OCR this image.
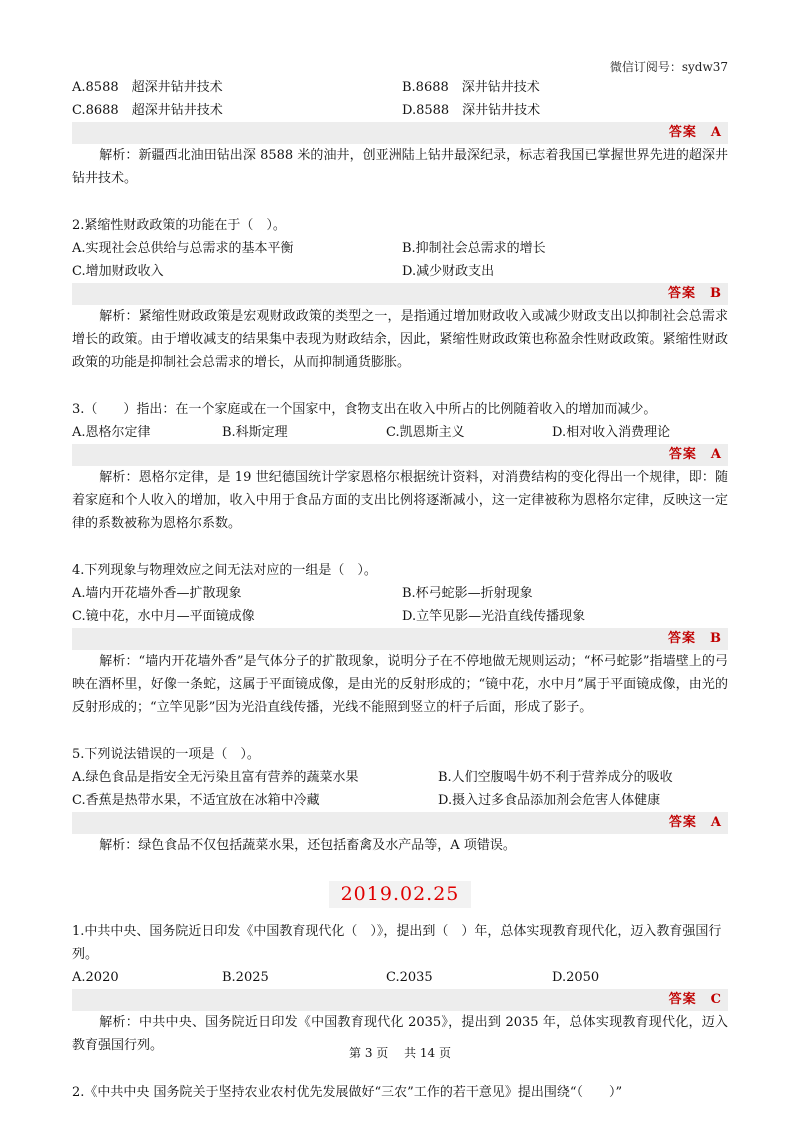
微信订阅号：sydw37
A.8588　超深井钻井技术	B.8688　深井钻井技术
C.8688　超深井钻井技术	D.8588　深井钻井技术
答案 A
解析：新疆西北油田钻出深 8588 米的油井，创亚洲陆上钻井最深纪录，标志着我国已掌握世界先进的超深井钻井技术。
2.紧缩性财政政策的功能在于（　）。
A.实现社会总供给与总需求的基本平衡	B.抑制社会总需求的增长
C.增加财政收入	D.减少财政支出
答案 B
解析：紧缩性财政政策是宏观财政政策的类型之一，是指通过增加财政收入或减少财政支出以抑制社会总需求增长的政策。由于增收减支的结果集中表现为财政结余，因此，紧缩性财政政策也称盈余性财政政策。紧缩性财政政策的功能是抑制社会总需求的增长，从而抑制通货膨胀。
3.（　　）指出：在一个家庭或在一个国家中，食物支出在收入中所占的比例随着收入的增加而减少。
A.恩格尔定律	B.科斯定理	C.凯恩斯主义	D.相对收入消费理论
答案 A
解析：恩格尔定律，是 19 世纪德国统计学家恩格尔根据统计资料，对消费结构的变化得出一个规律，即：随着家庭和个人收入的增加，收入中用于食品方面的支出比例将逐渐减小，这一定律被称为恩格尔定律，反映这一定律的系数被称为恩格尔系数。
4.下列现象与物理效应之间无法对应的一组是（　）。
A.墙内开花墙外香—扩散现象	B.杯弓蛇影—折射现象
C.镜中花，水中月—平面镜成像	D.立竿见影—光沿直线传播现象
答案 B
解析：“墙内开花墙外香”是气体分子的扩散现象，说明分子在不停地做无规则运动；“杯弓蛇影”指墙壁上的弓映在酒杯里，好像一条蛇，这属于平面镜成像，是由光的反射形成的；“镜中花，水中月”属于平面镜成像，由光的反射形成的；“立竿见影”因为光沿直线传播，光线不能照到竖立的杆子后面，形成了影子。
5.下列说法错误的一项是（　）。
A.绿色食品是指安全无污染且富有营养的蔬菜水果	B.人们空腹喝牛奶不利于营养成分的吸收
C.香蕉是热带水果，不适宜放在冰箱中冷藏	D.摄入过多食品添加剂会危害人体健康
答案 A
解析：绿色食品不仅包括蔬菜水果，还包括畜禽及水产品等，A 项错误。
2019.02.25
1.中共中央、国务院近日印发《中国教育现代化（　）》，提出到（　）年，总体实现教育现代化，迈入教育强国行列。
A.2020	B.2025	C.2035	D.2050
答案 C
解析：中共中央、国务院近日印发《中国教育现代化 2035》，提出到 2035 年，总体实现教育现代化，迈入教育强国行列。
2.《中共中央 国务院关于坚持农业农村优先发展做好“三农”工作的若干意见》提出围绕“（　　）”
第 3 页 共 14 页
